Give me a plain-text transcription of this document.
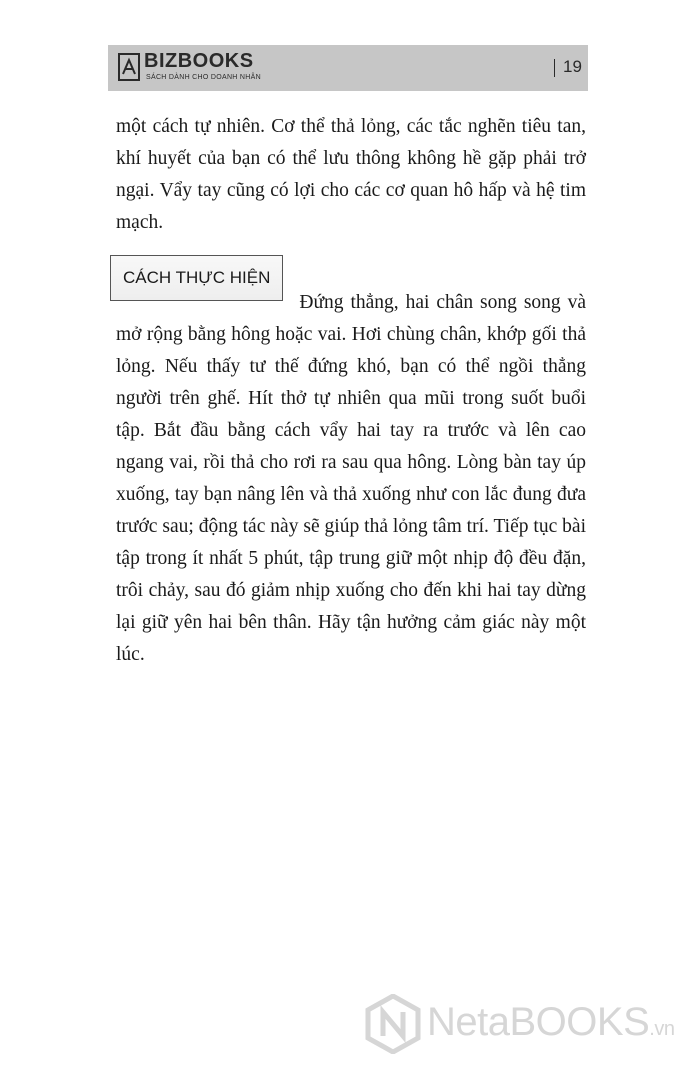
BIZBOOKS
SÁCH DÀNH CHO DOANH NHÂN
19
một cách tự nhiên. Cơ thể thả lỏng, các tắc nghẽn tiêu tan, khí huyết của bạn có thể lưu thông không hề gặp phải trở ngại. Vẩy tay cũng có lợi cho các cơ quan hô hấp và hệ tim mạch.
CÁCH THỰC HIỆN
Đứng thẳng, hai chân song song và mở rộng bằng hông hoặc vai. Hơi chùng chân, khớp gối thả lỏng. Nếu thấy tư thế đứng khó, bạn có thể ngồi thẳng người trên ghế. Hít thở tự nhiên qua mũi trong suốt buổi tập. Bắt đầu bằng cách vẩy hai tay ra trước và lên cao ngang vai, rồi thả cho rơi ra sau qua hông. Lòng bàn tay úp xuống, tay bạn nâng lên và thả xuống như con lắc đung đưa trước sau; động tác này sẽ giúp thả lỏng tâm trí. Tiếp tục bài tập trong ít nhất 5 phút, tập trung giữ một nhịp độ đều đặn, trôi chảy, sau đó giảm nhịp xuống cho đến khi hai tay dừng lại giữ yên hai bên thân. Hãy tận hưởng cảm giác này một lúc.
NetaBOOKS.vn
